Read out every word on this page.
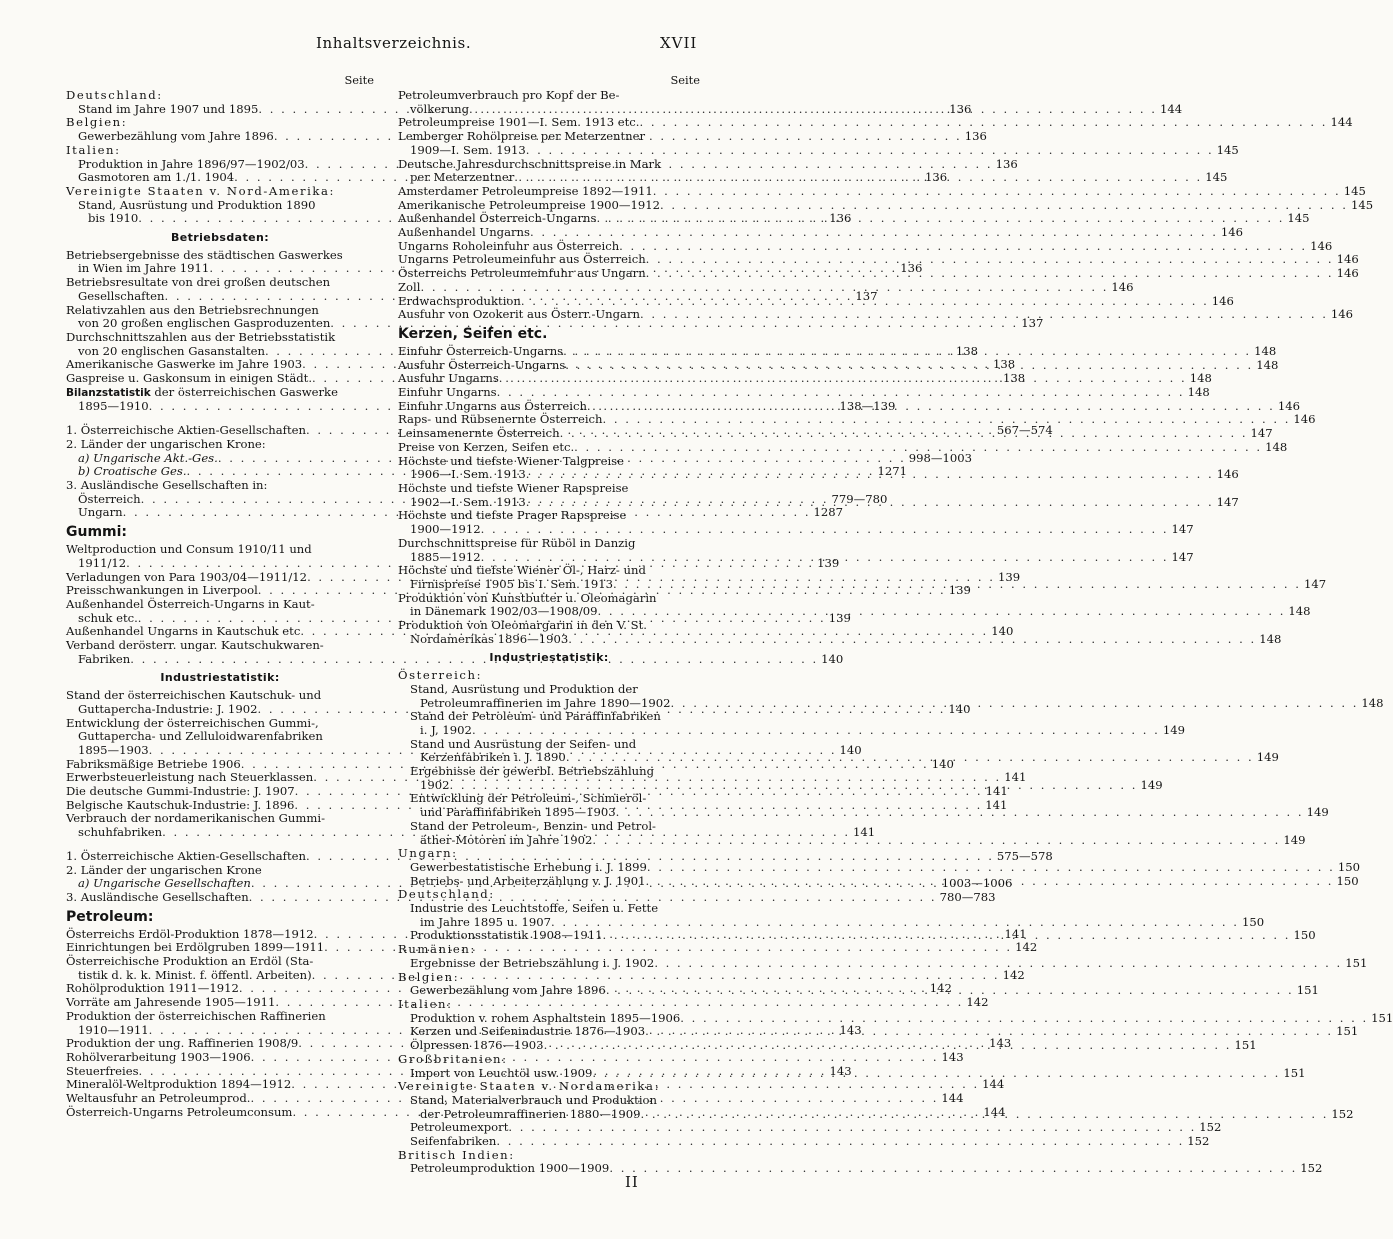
Inhaltsverzeichnis.	XVII
Seite
Deutschland:
Stand im Jahre 1907 und 1895 . . .	136
Belgien:
Gewerbezählung vom Jahre 1896 . . .	136
Italien:
Produktion in Jahre 1896/97—1902/03 . . .	136
Gasmotoren am 1./1. 1904 . . .	136
Vereinigte Staaten v. Nord-Amerika:
Stand, Ausrüstung und Produktion 1890
bis 1910 . . .	136
Betriebsdaten:
Betriebsergebnisse des städtischen Gaswerkes
in Wien im Jahre 1911 . . .	136
Betriebsresultate von drei großen deutschen
Gesellschaften . . .	137
Relativzahlen aus den Betriebsrechnungen
von 20 großen englischen Gasproduzenten . . .	137
Durchschnittszahlen aus der Betriebsstatistik
von 20 englischen Gasanstalten . . .	138
Amerikanische Gaswerke im Jahre 1903 . . .	138
Gaspreise u. Gaskonsum in einigen Städt. . . .	138
Bilanzstatistik der österreichischen Gaswerke
1895—1910 . . .	138—139
1. Österreichische Aktien-Gesellschaften . . .	567—574
2. Länder der ungarischen Krone:
a) Ungarische Akt.-Ges. . . .	998—1003
b) Croatische Ges. . . .	1271
3. Ausländische Gesellschaften in:
Österreich . . .	779—780
Ungarn . . .	1287
Gummi:
Weltproduction und Consum 1910/11 und
1911/12 . . .	139
Verladungen von Para 1903/04—1911/12 . . .	139
Preisschwankungen in Liverpool . . .	139
Außenhandel Österreich-Ungarns in Kaut-
schuk etc. . . .	139
Außenhandel Ungarns in Kautschuk etc . . .	140
Verband derösterr. ungar. Kautschukwaren-
Fabriken . . .	140
Industriestatistik:
Stand der österreichischen Kautschuk- und
Guttapercha-Industrie: J. 1902 . . .	140
Entwicklung der österreichischen Gummi-,
Guttapercha- und Zelluloidwarenfabriken
1895—1903 . . .	140
Fabriksmäßige Betriebe 1906 . . .	140
Erwerbsteuerleistung nach Steuerklassen . . .	141
Die deutsche Gummi-Industrie: J. 1907 . . .	141
Belgische Kautschuk-Industrie: J. 1896 . . .	141
Verbrauch der nordamerikanischen Gummi-
schuhfabriken . . .	141
1. Österreichische Aktien-Gesellschaften . . .	575—578
2. Länder der ungarischen Krone
a) Ungarische Gesellschaften . . .	1003—1006
3. Ausländische Gesellschaften . . .	780—783
Petroleum:
Österreichs Erdöl-Produktion 1878—1912 . . .	141
Einrichtungen bei Erdölgruben 1899—1911 . . .	142
Österreichische Produktion an Erdöl (Sta-
tistik d. k. k. Minist. f. öffentl. Arbeiten) . . .	142
Rohölproduktion 1911—1912 . . .	142
Vorräte am Jahresende 1905—1911 . . .	142
Produktion der österreichischen Raffinerien
1910—1911 . . .	143
Produktion der ung. Raffinerien 1908/9 . . .	143
Rohölverarbeitung 1903—1906 . . .	143
Steuerfreies . . .	143
Mineralöl-Weltproduktion 1894—1912 . . .	144
Weltausfuhr an Petroleumprod. . . .	144
Österreich-Ungarns Petroleumconsum . . .	144
Seite
Petroleumverbrauch pro Kopf der Be-
völkerung . . .	144
Petroleumpreise 1901—I. Sem. 1913 etc. . . .	144
Lemberger Rohölpreise per Meterzentner
1909—I. Sem. 1913 . . .	145
Deutsche Jahresdurchschnittspreise in Mark
per Meterzentner . . .	145
Amsterdamer Petroleumpreise 1892—1911 . . .	145
Amerikanische Petroleumpreise 1900—1912 . . .	145
Außenhandel Österreich-Ungarns . . .	145
Außenhandel Ungarns . . .	146
Ungarns Roholeinfuhr aus Österreich . . .	146
Ungarns Petroleumeinfuhr aus Österreich . . .	146
Österreichs Petroleumeinfuhr aus Ungarn . . .	146
Zoll . . .	146
Erdwachsproduktion . . .	146
Ausfuhr von Ozokerit aus Österr.-Ungarn . . .	146
Kerzen, Seifen etc.
Einfuhr Österreich-Ungarns . . .	148
Ausfuhr Österreich-Ungarns . . .	148
Ausfuhr Ungarns . . .	148
Einfuhr Ungarns . . .	148
Einfuhr Ungarns aus Österreich . . .	146
Raps- und Rübsenernte Österreich . . .	146
Leinsamenernte Österreich . . .	147
Preise von Kerzen, Seifen etc. . . .	148
Höchste und tiefste Wiener Talgpreise
1906—I. Sem. 1913 . . .	146
Höchste und tiefste Wiener Rapspreise
1902—I. Sem. 1913 . . .	147
Höchste und tiefste Prager Rapspreise
1900—1912 . . .	147
Durchschnittspreise für Rüböl in Danzig
1885—1912 . . .	147
Höchste und tiefste Wiener Öl-, Harz- und
Firnispreise 1905 bis I. Sem. 1913 . . .	147
Produktion von Kunstbutter u. Oleomagarin
in Dänemark 1902/03—1908/09 . . .	148
Produktion von Oleomargarin in den V. St.
Nordamerikas 1896—1903 . . .	148
Industriestatistik:
Österreich:
Stand, Ausrüstung und Produktion der
Petroleumraffinerien im Jahre 1890—1902 . . .	148
Stand der Petroleum- und Paraffinfabriken
i. J, 1902 . . .	149
Stand und Ausrüstung der Seifen- und
Kerzenfabriken i. J. 1890 . . .	149
Ergebnisse der gewerbl. Betriebszählung
1902 . . .	149
Entwicklung der Petroleum-, Schmieröl-
und Paraffinfabriken 1895—1903 . . .	149
Stand der Petroleum-, Benzin- und Petrol-
äther-Motoren im Jahre 1902 . . .	149
Ungarn:
Gewerbestatistische Erhebung i. J. 1899 . . .	150
Betriebs- und Arbeiterzählung v. J. 1901 . . .	150
Deutschland:
Industrie des Leuchtstoffe, Seifen u. Fette
im Jahre 1895 u. 1907 . . .	150
Produktionsstatistik 1908—1911 . . .	150
Rumänien:
Ergebnisse der Betriebszählung i. J. 1902 . . .	151
Belgien:
Gewerbezählung vom Jahre 1896 . . .	151
Italien:
Produktion v. rohem Asphaltstein 1895—1906 . . .	151
Kerzen und Seifenindustrie 1876—1903 . . .	151
Ölpressen 1876—1903 . . .	151
Großbritanien:
Import von Leuchtöl usw. 1909 . . .	151
Vereinigte Staaten v. Nordamerika:
Stand, Materialverbrauch und Produktion
der Petroleumraffinerien 1880—1909 . . .	152
Petroleumexport . . .	152
Seifenfabriken . . .	152
Britisch Indien:
Petroleumproduktion 1900—1909 . . .	152
II
